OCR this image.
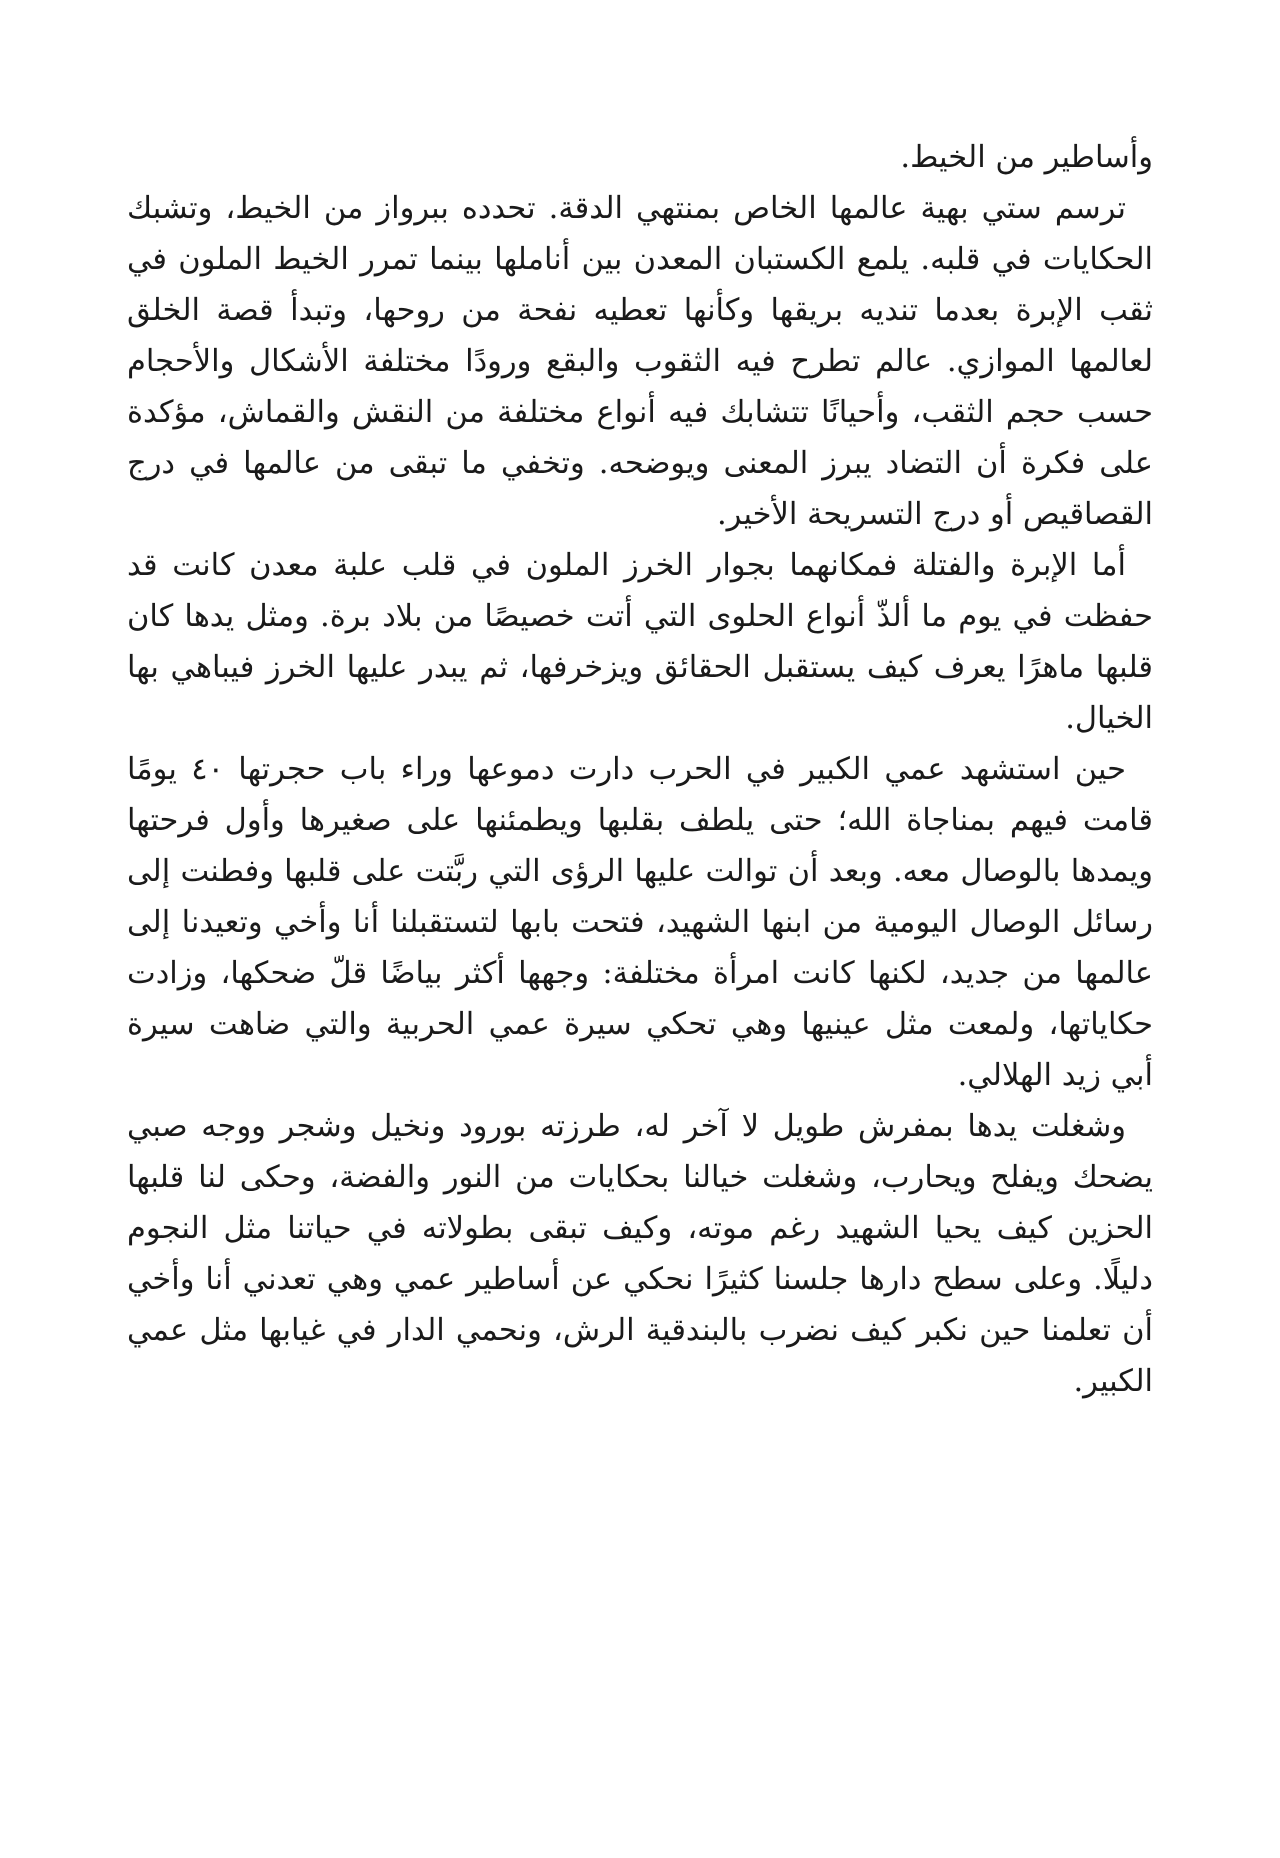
وأساطير من الخيط.

ترسم ستي بهية عالمها الخاص بمنتهي الدقة. تحدده ببرواز من الخيط، وتشبك الحكايات في قلبه. يلمع الكستبان المعدن بين أناملها بينما تمرر الخيط الملون في ثقب الإبرة بعدما تنديه بريقها وكأنها تعطيه نفحة من روحها، وتبدأ قصة الخلق لعالمها الموازي. عالم تطرح فيه الثقوب والبقع ورودًا مختلفة الأشكال والأحجام حسب حجم الثقب، وأحيانًا تتشابك فيه أنواع مختلفة من النقش والقماش، مؤكدة على فكرة أن التضاد يبرز المعنى ويوضحه. وتخفي ما تبقى من عالمها في درج القصاقيص أو درج التسريحة الأخير.

أما الإبرة والفتلة فمكانهما بجوار الخرز الملون في قلب علبة معدن كانت قد حفظت في يوم ما ألذّ أنواع الحلوى التي أتت خصيصًا من بلاد برة. ومثل يدها كان قلبها ماهرًا يعرف كيف يستقبل الحقائق ويزخرفها، ثم يبدر عليها الخرز فيباهي بها الخيال.

حين استشهد عمي الكبير في الحرب دارت دموعها وراء باب حجرتها ٤٠ يومًا قامت فيهم بمناجاة الله؛ حتى يلطف بقلبها ويطمئنها على صغيرها وأول فرحتها ويمدها بالوصال معه. وبعد أن توالت عليها الرؤى التي ربَّتت على قلبها وفطنت إلى رسائل الوصال اليومية من ابنها الشهيد، فتحت بابها لتستقبلنا أنا وأخي وتعيدنا إلى عالمها من جديد، لكنها كانت امرأة مختلفة: وجهها أكثر بياضًا قلّ ضحكها، وزادت حكاياتها، ولمعت مثل عينيها وهي تحكي سيرة عمي الحربية والتي ضاهت سيرة أبي زيد الهلالي.

وشغلت يدها بمفرش طويل لا آخر له، طرزته بورود ونخيل وشجر ووجه صبي يضحك ويفلح ويحارب، وشغلت خيالنا بحكايات من النور والفضة، وحكى لنا قلبها الحزين كيف يحيا الشهيد رغم موته، وكيف تبقى بطولاته في حياتنا مثل النجوم دليلًا. وعلى سطح دارها جلسنا كثيرًا نحكي عن أساطير عمي وهي تعدني أنا وأخي أن تعلمنا حين نكبر كيف نضرب بالبندقية الرش، ونحمي الدار في غيابها مثل عمي الكبير.
